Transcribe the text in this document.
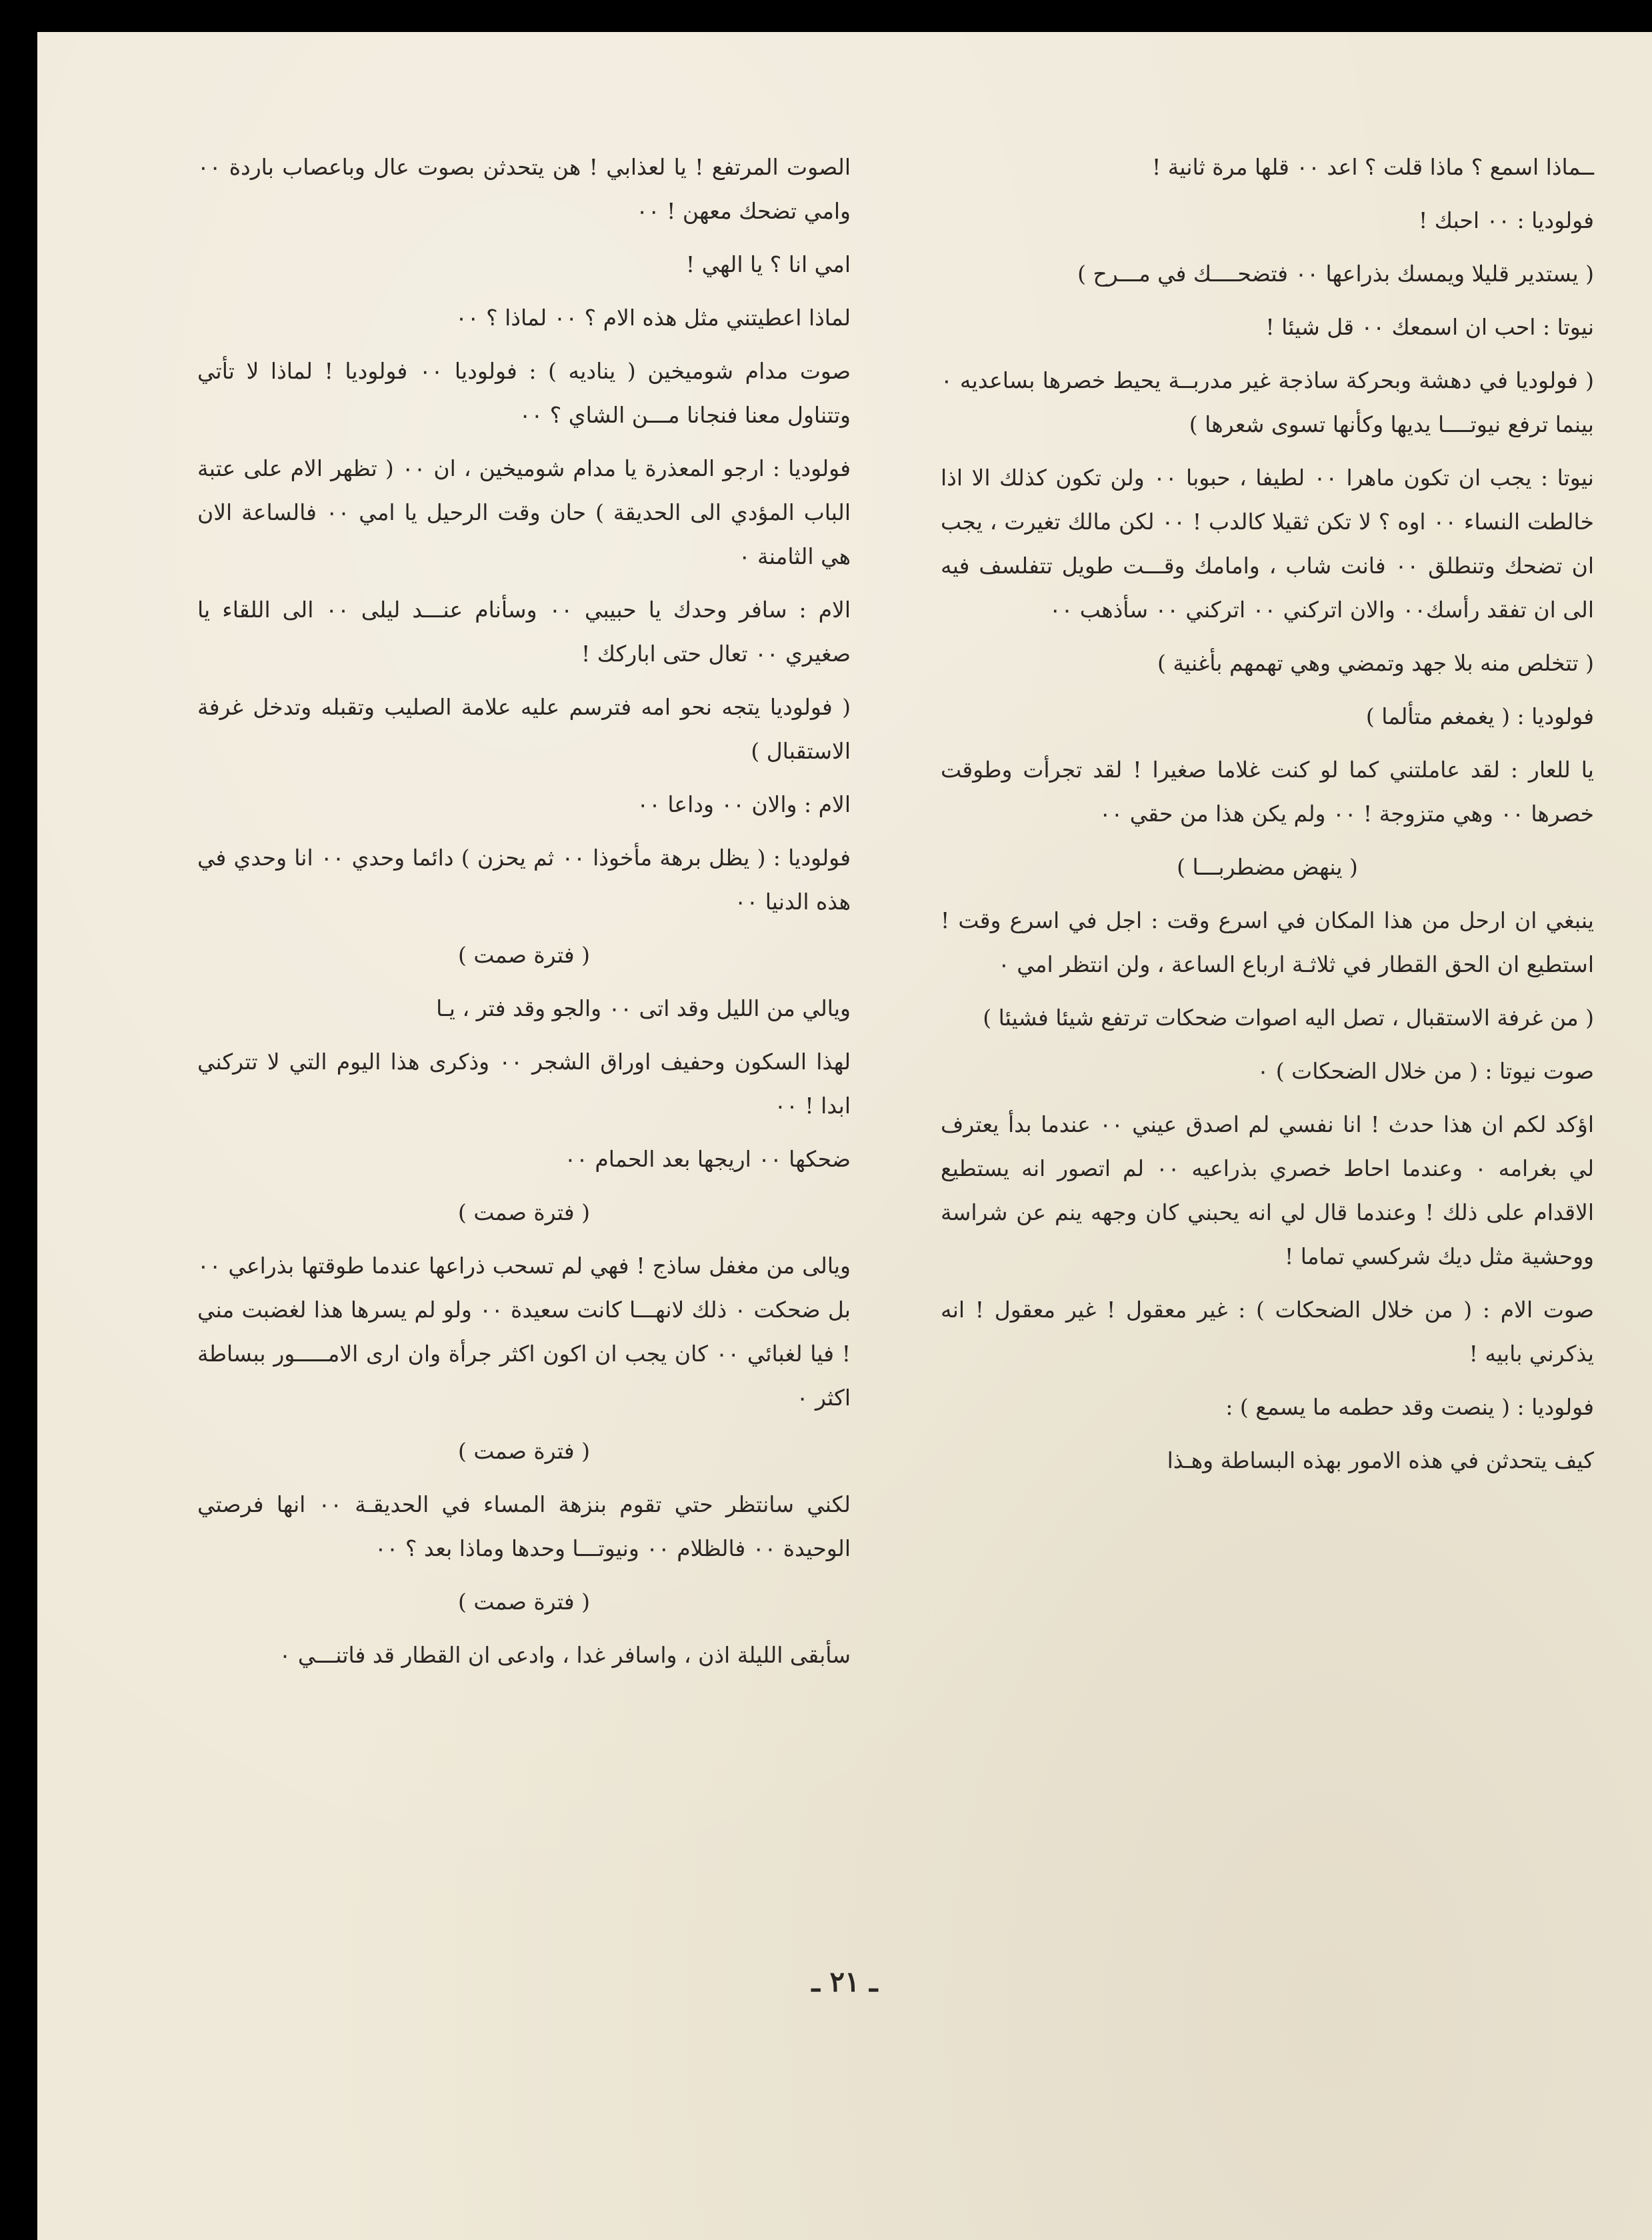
ــماذا اسمع ؟ ماذا قلت ؟ اعد ٠٠ قلها مرة ثانية !

فولوديا : ٠٠ احبك !

( يستدير قليلا ويمسك بذراعها ٠٠ فتضحــــك في مـــرح )

نيوتا : احب ان اسمعك ٠٠ قل شيئا !

( فولوديا في دهشة وبحركة ساذجة غير مدربــة يحيط خصرها بساعديه ٠ بينما ترفع نيوتــــا يديها وكأنها تسوى شعرها )

نيوتا : يجب ان تكون ماهرا ٠٠ لطيفا ، حبوبا ٠٠ ولن تكون كذلك الا اذا خالطت النساء ٠٠ اوه ؟ لا تكن ثقيلا كالدب ! ٠٠ لكن مالك تغيرت ، يجب ان تضحك وتنطلق ٠٠ فانت شاب ، وامامك وقـــت طويل تتفلسف فيه الى ان تفقد رأسك٠٠ والان اتركني ٠٠ اتركني ٠٠ سأذهب ٠٠

( تتخلص منه بلا جهد وتمضي وهي تهمهم بأغنية )

فولوديا : ( يغمغم متألما )

يا للعار : لقد عاملتني كما لو كنت غلاما صغيرا ! لقد تجرأت وطوقت خصرها ٠٠ وهي متزوجة ! ٠٠ ولم يكن هذا من حقي ٠٠

( ينهض مضطربـــا )

ينبغي ان ارحل من هذا المكان في اسرع وقت : اجل في اسرع وقت ! استطيع ان الحق القطار في ثلاثـة ارباع الساعة ، ولن انتظر امي ٠

( من غرفة الاستقبال ، تصل اليه اصوات ضحكات ترتفع شيئا فشيئا )

صوت نيوتا : ( من خلال الضحكات ) ٠

اؤكد لكم ان هذا حدث ! انا نفسي لم اصدق عيني ٠٠ عندما بدأ يعترف لي بغرامه ٠ وعندما احاط خصري بذراعيه ٠٠ لم اتصور انه يستطيع الاقدام على ذلك ! وعندما قال لي انه يحبني كان وجهه ينم عن شراسة ووحشية مثل ديك شركسي تماما !

صوت الام : ( من خلال الضحكات ) : غير معقول ! غير معقول ! انه يذكرني بابيه !

فولوديا : ( ينصت وقد حطمه ما يسمع ) :

كيف يتحدثن في هذه الامور بهذه البساطة وهـذا

الصوت المرتفع ! يا لعذابي ! هن يتحدثن بصوت عال وباعصاب باردة ٠٠ وامي تضحك معهن ! ٠٠

امي انا ؟ يا الهي !

لماذا اعطيتني مثل هذه الام ؟ ٠٠ لماذا ؟ ٠٠

صوت مدام شوميخين ( يناديه ) : فولوديا ٠٠ فولوديا ! لماذا لا تأتي وتتناول معنا فنجانا مـــن الشاي ؟ ٠٠

فولوديا : ارجو المعذرة يا مدام شوميخين ، ان ٠٠ ( تظهر الام على عتبة الباب المؤدي الى الحديقة ) حان وقت الرحيل يا امي ٠٠ فالساعة الان هي الثامنة ٠

الام : سافر وحدك يا حبيبي ٠٠ وسأنام عنـــد ليلى ٠٠ الى اللقاء يا صغيري ٠٠ تعال حتى اباركك !

( فولوديا يتجه نحو امه فترسم عليه علامة الصليب وتقبله وتدخل غرفة الاستقبال )

الام : والان ٠٠ وداعا ٠٠

فولوديا : ( يظل برهة مأخوذا ٠٠ ثم يحزن ) دائما وحدي ٠٠ انا وحدي في هذه الدنيا ٠٠

( فترة صمت )

ويالي من الليل وقد اتى ٠٠ والجو وقد فتر ، يـا

لهذا السكون وحفيف اوراق الشجر ٠٠ وذكرى هذا اليوم التي لا تتركني ابدا ! ٠٠

ضحكها ٠٠ اريجها بعد الحمام ٠٠

( فترة صمت )

ويالى من مغفل ساذج ! فهي لم تسحب ذراعها عندما طوقتها بذراعي ٠٠ بل ضحكت ٠ ذلك لانهـــا كانت سعيدة ٠٠ ولو لم يسرها هذا لغضبت مني ! فيا لغبائي ٠٠ كان يجب ان اكون اكثر جرأة وان ارى الامـــــور ببساطة اكثر ٠

( فترة صمت )

لكني سانتظر حتي تقوم بنزهة المساء في الحديقـة ٠٠ انها فرصتي الوحيدة ٠٠ فالظلام ٠٠ ونيوتـــا وحدها وماذا بعد ؟ ٠٠

( فترة صمت )

سأبقى الليلة اذن ، واسافر غدا ، وادعى ان القطار قد فاتنـــي ٠

ـ ٢١ ـ
